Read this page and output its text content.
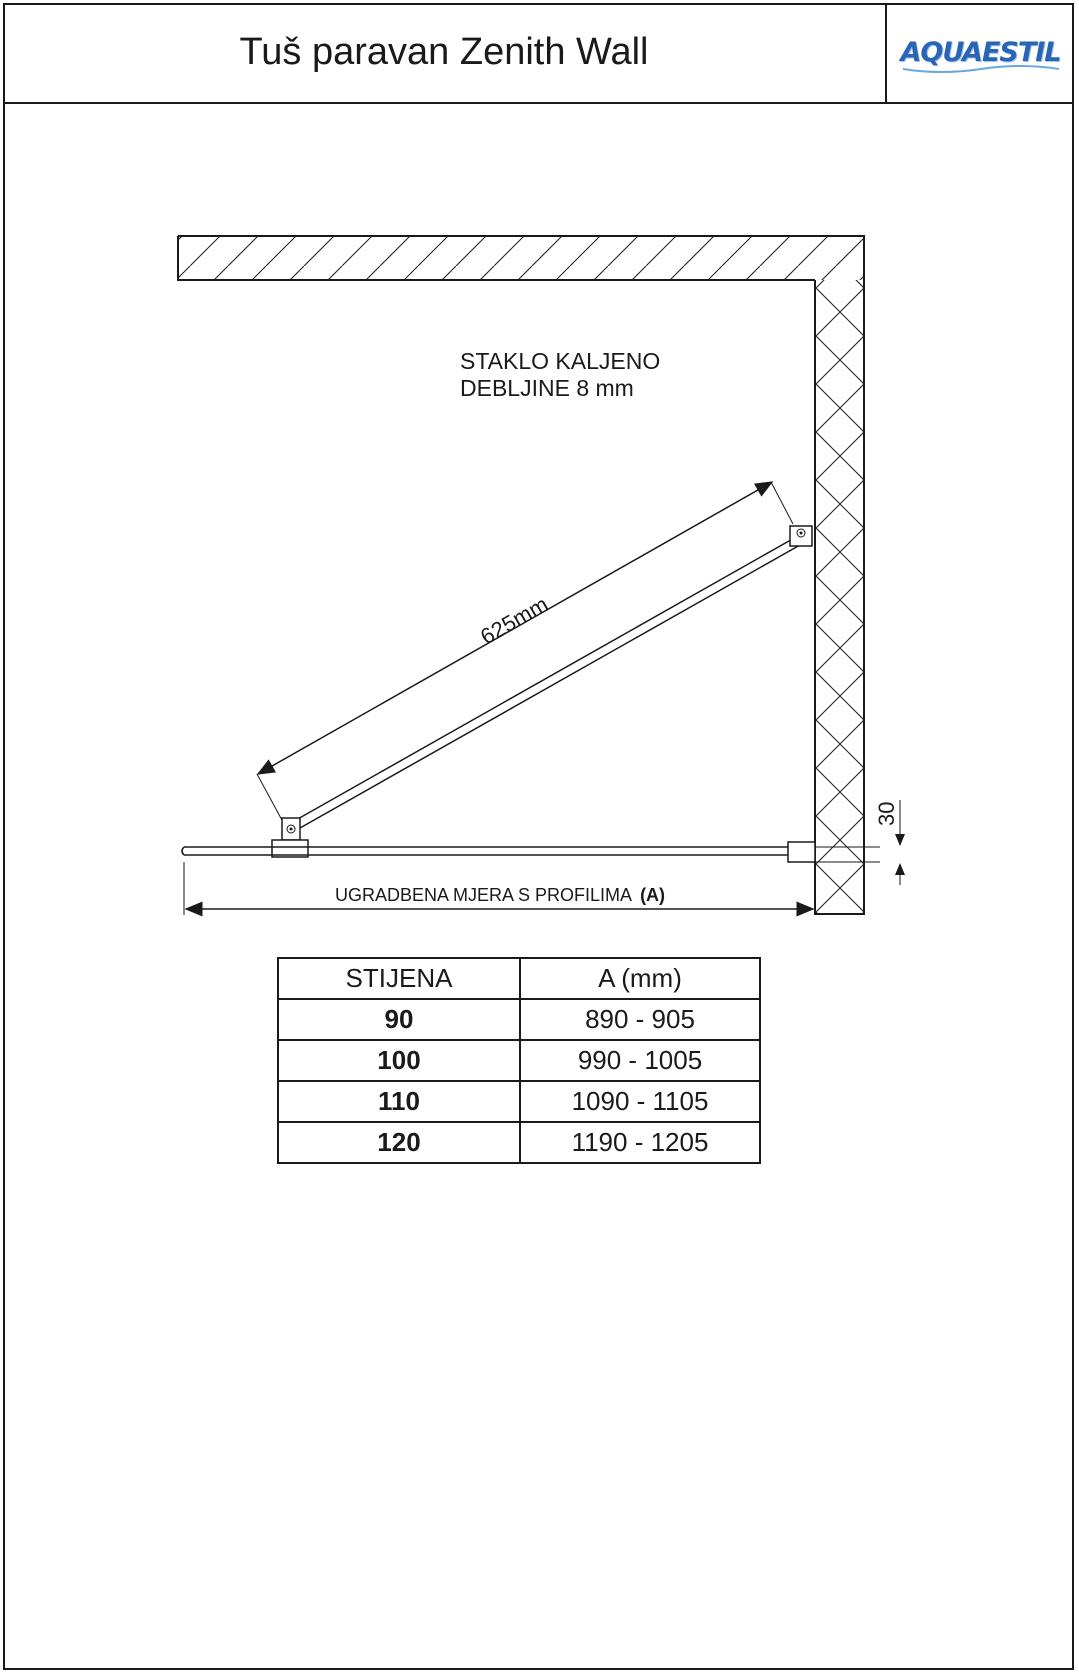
Tuš paravan Zenith Wall	AQUAESTIL
STAKLO KALJENO
DEBLJINE 8 mm
625mm
30
UGRADBENA MJERA S PROFILIMA (A)
STIJENA	A (mm)
90	890 - 905
100	990 - 1005
110	1090 - 1105
120	1190 - 1205
